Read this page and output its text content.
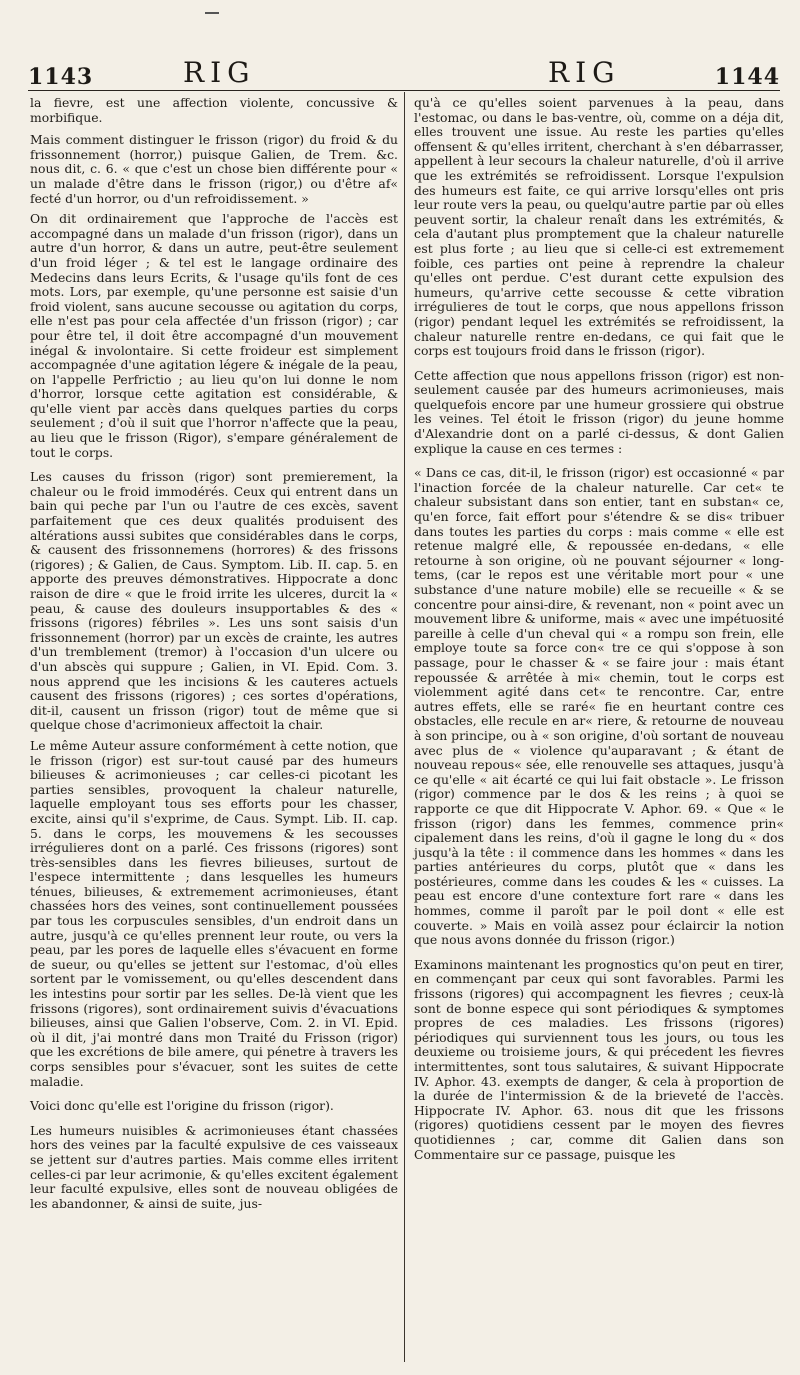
1143	RIG	RIG	1144

la fievre, est une affection violente, concussive & morbifique.

Mais comment distinguer le frisson (rigor) du froid & du frissonnement (horror,) puisque Galien, de Trem. &c. nous dit, c. 6. « que c'est un chose bien différente pour « un malade d'être dans le frisson (rigor,) ou d'être af« fecté d'un horror, ou d'un refroidissement. »

On dit ordinairement que l'approche de l'accès est accompagné dans un malade d'un frisson (rigor), dans un autre d'un horror, & dans un autre, peut-être seulement d'un froid léger ; & tel est le langage ordinaire des Medecins dans leurs Ecrits, & l'usage qu'ils font de ces mots. Lors, par exemple, qu'une personne est saisie d'un froid violent, sans aucune secousse ou agitation du corps, elle n'est pas pour cela affectée d'un frisson (rigor) ; car pour être tel, il doit être accompagné d'un mouvement inégal & involontaire. Si cette froideur est simplement accompagnée d'une agitation légere & inégale de la peau, on l'appelle Perfrictio ; au lieu qu'on lui donne le nom d'horror, lorsque cette agitation est considérable, & qu'elle vient par accès dans quelques parties du corps seulement ; d'où il suit que l'horror n'affecte que la peau, au lieu que le frisson (Rigor), s'empare généralement de tout le corps.

Les causes du frisson (rigor) sont premierement, la chaleur ou le froid immodérés. Ceux qui entrent dans un bain qui peche par l'un ou l'autre de ces excès, savent parfaitement que ces deux qualités produisent des altérations aussi subites que considérables dans le corps, & causent des frissonnemens (horrores) & des frissons (rigores) ; & Galien, de Caus. Symptom. Lib. II. cap. 5. en apporte des preuves démonstratives. Hippocrate a donc raison de dire « que le froid irrite les ulceres, durcit la « peau, & cause des douleurs insupportables & des « frissons (rigores) fébriles ». Les uns sont saisis d'un frissonnement (horror) par un excès de crainte, les autres d'un tremblement (tremor) à l'occasion d'un ulcere ou d'un abscès qui suppure ; Galien, in VI. Epid. Com. 3. nous apprend que les incisions & les cauteres actuels causent des frissons (rigores) ; ces sortes d'opérations, dit-il, causent un frisson (rigor) tout de même que si quelque chose d'acrimonieux affectoit la chair.

Le même Auteur assure conformément à cette notion, que le frisson (rigor) est sur-tout causé par des humeurs bilieuses & acrimonieuses ; car celles-ci picotant les parties sensibles, provoquent la chaleur naturelle, laquelle employant tous ses efforts pour les chasser, excite, ainsi qu'il s'exprime, de Caus. Sympt. Lib. II. cap. 5. dans le corps, les mouvemens & les secousses irrégulieres dont on a parlé. Ces frissons (rigores) sont très-sensibles dans les fievres bilieuses, surtout de l'espece intermittente ; dans lesquelles les humeurs ténues, bilieuses, & extremement acrimonieuses, étant chassées hors des veines, sont continuellement poussées par tous les corpuscules sensibles, d'un endroit dans un autre, jusqu'à ce qu'elles prennent leur route, ou vers la peau, par les pores de laquelle elles s'évacuent en forme de sueur, ou qu'elles se jettent sur l'estomac, d'où elles sortent par le vomissement, ou qu'elles descendent dans les intestins pour sortir par les selles. De-là vient que les frissons (rigores), sont ordinairement suivis d'évacuations bilieuses, ainsi que Galien l'observe, Com. 2. in VI. Epid. où il dit, j'ai montré dans mon Traité du Frisson (rigor) que les excrétions de bile amere, qui pénetre à travers les corps sensibles pour s'évacuer, sont les suites de cette maladie.

Voici donc qu'elle est l'origine du frisson (rigor).

Les humeurs nuisibles & acrimonieuses étant chassées hors des veines par la faculté expulsive de ces vaisseaux se jettent sur d'autres parties. Mais comme elles irritent celles-ci par leur acrimonie, & qu'elles excitent également leur faculté expulsive, elles sont de nouveau obligées de les abandonner, & ainsi de suite, jus-

qu'à ce qu'elles soient parvenues à la peau, dans l'estomac, ou dans le bas-ventre, où, comme on a déja dit, elles trouvent une issue. Au reste les parties qu'elles offensent & qu'elles irritent, cherchant à s'en débarrasser, appellent à leur secours la chaleur naturelle, d'où il arrive que les extrémités se refroidissent. Lorsque l'expulsion des humeurs est faite, ce qui arrive lorsqu'elles ont pris leur route vers la peau, ou quelqu'autre partie par où elles peuvent sortir, la chaleur renaît dans les extrémités, & cela d'autant plus promptement que la chaleur naturelle est plus forte ; au lieu que si celle-ci est extremement foible, ces parties ont peine à reprendre la chaleur qu'elles ont perdue. C'est durant cette expulsion des humeurs, qu'arrive cette secousse & cette vibration irrégulieres de tout le corps, que nous appellons frisson (rigor) pendant lequel les extrémités se refroidissent, la chaleur naturelle rentre en-dedans, ce qui fait que le corps est toujours froid dans le frisson (rigor).

Cette affection que nous appellons frisson (rigor) est non-seulement causée par des humeurs acrimonieuses, mais quelquefois encore par une humeur grossiere qui obstrue les veines. Tel étoit le frisson (rigor) du jeune homme d'Alexandrie dont on a parlé ci-dessus, & dont Galien explique la cause en ces termes :

« Dans ce cas, dit-il, le frisson (rigor) est occasionné « par l'inaction forcée de la chaleur naturelle. Car cet« te chaleur subsistant dans son entier, tant en substan« ce, qu'en force, fait effort pour s'étendre & se dis« tribuer dans toutes les parties du corps : mais comme « elle est retenue malgré elle, & repoussée en-dedans, « elle retourne à son origine, où ne pouvant séjourner « long-tems, (car le repos est une véritable mort pour « une substance d'une nature mobile) elle se recueille « & se concentre pour ainsi-dire, & revenant, non « point avec un mouvement libre & uniforme, mais « avec une impétuosité pareille à celle d'un cheval qui « a rompu son frein, elle employe toute sa force con« tre ce qui s'oppose à son passage, pour le chasser & « se faire jour : mais étant repoussée & arrêtée à mi« chemin, tout le corps est violemment agité dans cet« te rencontre. Car, entre autres effets, elle se raré« fie en heurtant contre ces obstacles, elle recule en ar« riere, & retourne de nouveau à son principe, ou à « son origine, d'où sortant de nouveau avec plus de « violence qu'auparavant ; & étant de nouveau repous« sée, elle renouvelle ses attaques, jusqu'à ce qu'elle « ait écarté ce qui lui fait obstacle ». Le frisson (rigor) commence par le dos & les reins ; à quoi se rapporte ce que dit Hippocrate V. Aphor. 69. « Que « le frisson (rigor) dans les femmes, commence prin« cipalement dans les reins, d'où il gagne le long du « dos jusqu'à la tête : il commence dans les hommes « dans les parties antérieures du corps, plutôt que « dans les postérieures, comme dans les coudes & les « cuisses. La peau est encore d'une contexture fort rare « dans les hommes, comme il paroît par le poil dont « elle est couverte. » Mais en voilà assez pour éclaircir la notion que nous avons donnée du frisson (rigor.)

Examinons maintenant les prognostics qu'on peut en tirer, en commençant par ceux qui sont favorables. Parmi les frissons (rigores) qui accompagnent les fievres ; ceux-là sont de bonne espece qui sont périodiques & symptomes propres de ces maladies. Les frissons (rigores) périodiques qui surviennent tous les jours, ou tous les deuxieme ou troisieme jours, & qui précedent les fievres intermittentes, sont tous salutaires, & suivant Hippocrate IV. Aphor. 43. exempts de danger, & cela à proportion de la durée de l'intermission & de la brieveté de l'accès. Hippocrate IV. Aphor. 63. nous dit que les frissons (rigores) quotidiens cessent par le moyen des fievres quotidiennes ; car, comme dit Galien dans son Commentaire sur ce passage, puisque les
